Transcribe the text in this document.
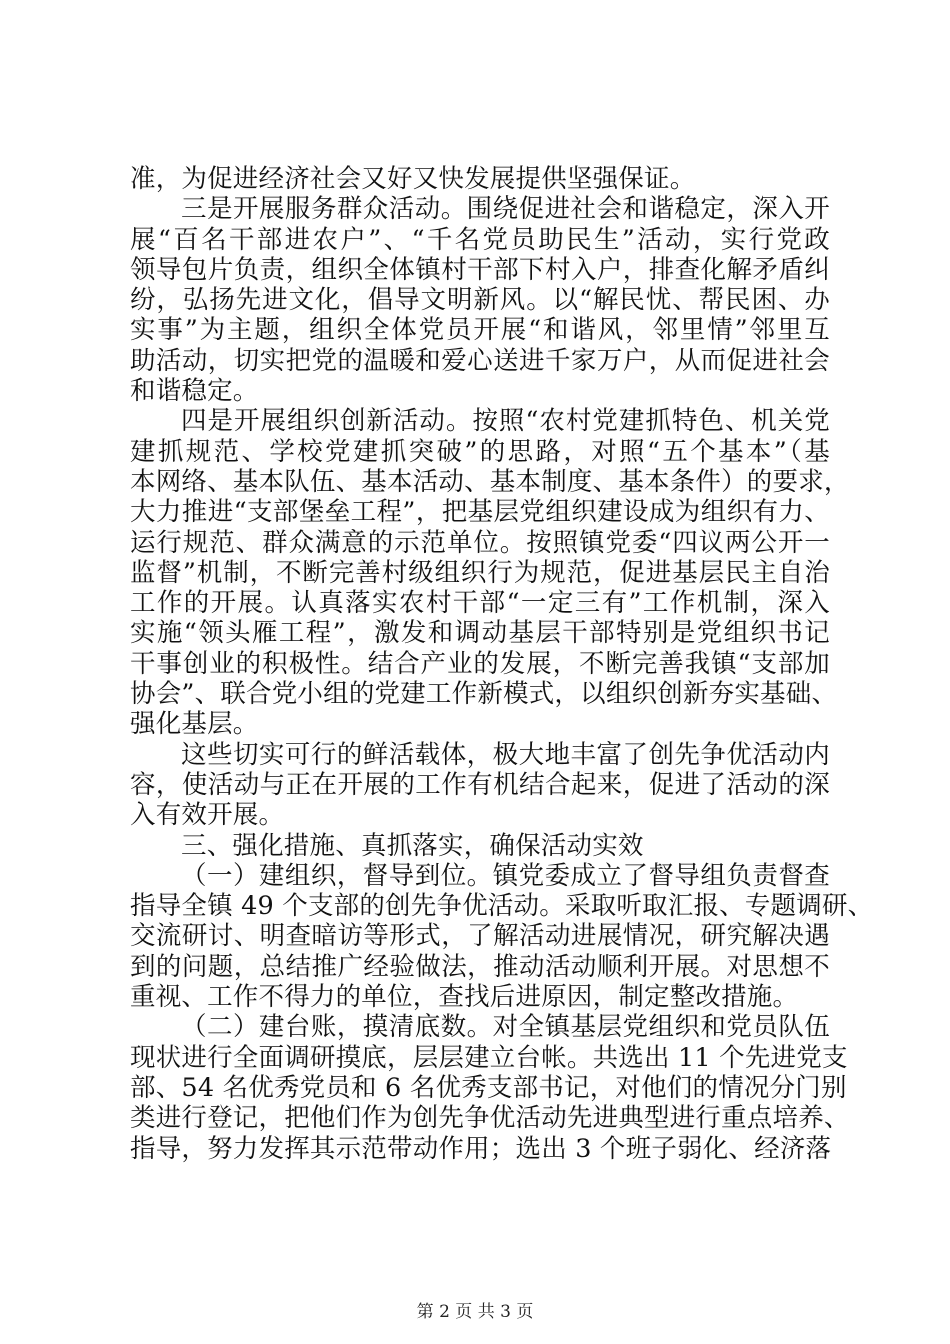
准，为促进经济社会又好又快发展提供坚强保证。
三是开展服务群众活动。围绕促进社会和谐稳定，深入开
展“百名干部进农户”、“千名党员助民生”活动，实行党政
领导包片负责，组织全体镇村干部下村入户，排查化解矛盾纠
纷，弘扬先进文化，倡导文明新风。以“解民忧、帮民困、办
实事”为主题，组织全体党员开展“和谐风，邻里情”邻里互
助活动，切实把党的温暖和爱心送进千家万户，从而促进社会
和谐稳定。
四是开展组织创新活动。按照“农村党建抓特色、机关党
建抓规范、学校党建抓突破”的思路，对照“五个基本”（基
本网络、基本队伍、基本活动、基本制度、基本条件）的要求，
大力推进“支部堡垒工程”，把基层党组织建设成为组织有力、
运行规范、群众满意的示范单位。按照镇党委“四议两公开一
监督”机制，不断完善村级组织行为规范，促进基层民主自治
工作的开展。认真落实农村干部“一定三有”工作机制，深入
实施“领头雁工程”，激发和调动基层干部特别是党组织书记
干事创业的积极性。结合产业的发展，不断完善我镇“支部加
协会”、联合党小组的党建工作新模式，以组织创新夯实基础、
强化基层。
这些切实可行的鲜活载体，极大地丰富了创先争优活动内
容，使活动与正在开展的工作有机结合起来，促进了活动的深
入有效开展。
三、强化措施、真抓落实，确保活动实效
（一）建组织，督导到位。镇党委成立了督导组负责督查
指导全镇 49 个支部的创先争优活动。采取听取汇报、专题调研、
交流研讨、明查暗访等形式，了解活动进展情况，研究解决遇
到的问题，总结推广经验做法，推动活动顺利开展。对思想不
重视、工作不得力的单位，查找后进原因，制定整改措施。
（二）建台账，摸清底数。对全镇基层党组织和党员队伍
现状进行全面调研摸底，层层建立台帐。共选出 11 个先进党支
部、54 名优秀党员和 6 名优秀支部书记，对他们的情况分门别
类进行登记，把他们作为创先争优活动先进典型进行重点培养、
指导，努力发挥其示范带动作用；选出 3 个班子弱化、经济落
第 2 页 共 3 页
